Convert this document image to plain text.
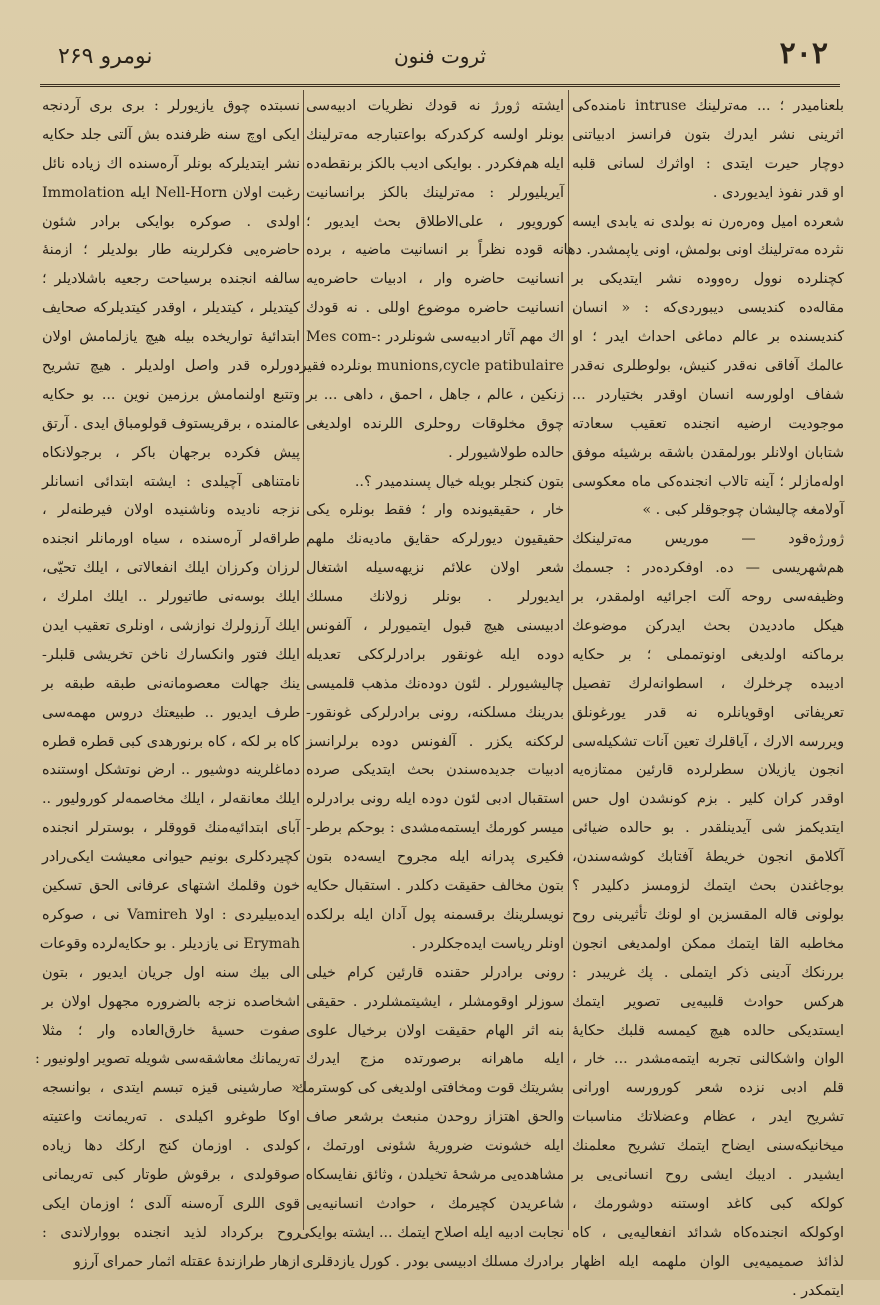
نومرو ۲۶۹	ثروت فنون	۲۰۲
بلعنامیدر ؛ ... مه‌ترلینك intruse نامنده‌كی
اثرینی نشر ایدرك بتون فرانسز ادبیاتنی
دوچار حیرت ایتدی : اواثرك لسانی قلبه
او قدر نفوذ ایدیوردی .
شعرده امیل وه‌ره‌رن نه بولدی نه یابدی ایسه
نثرده مه‌ترلینك اونی بولمش، اونی یاپمشدر. دها
کچنلرده نوول ره‌ووده نشر ایتدیكی بر
مقاله‌ده کندیسی دیبوردی‌که : « انسان
کندیسنده بر عالم دماغی احداث ایدر ؛ او
عالمك آفاقی نه‌قدر کنیش، بولوطلری نه‌قدر
شفاف اولورسه انسان اوقدر بختیاردر ...
موجودیت ارضیه انجنده تعقیب سعادته
شتابان اولانلر بورلمقدن باشقه برشیئه موفق
اوله‌مازلر ؛ آینه تالاب انجنده‌كی ماه معکوسی
آولامغه چالیشان چوجوقلر کبی . »
ژورژه‌قود — موریس مه‌ترلینکك
هم‌شهریسی — ده. اوفکرده‌در : جسمك
وظیفه‌سی روحه آلت اجرائیه اولمقدر، بر
هیکل ماددیدن بحث ایدرکن موضوعك
برماکنه اولدیغی اونوتمملی ؛ بر حکایه
ادیبده چرخلرك ، اسطوانه‌لرك تفصیل
تعریفاتی اوقویانلره نه قدر یورغونلق
ویررسه الارك ، آیاقلرك تعین آنات تشکیله‌سی
انجون یازیلان سطرلرده قارئین ممتازه‌یه
اوقدر کران کلیر . بزم کونشدن اول حس
ایتدیکمز شی آیدینلقدر . بو حالده ضیائی
آکلامق انجون خریطهٔ آفتابك کوشه‌سندن،
بوجاغندن بحث ایتمك لزومسز دکلیدر ؟
بولونی قاله المقسزین او لونك تأثیرینی روح
مخاطبه القا ایتمك ممکن اولمدیغی انجون
بررنکك آدینی ذکر ایتملی . پك غریبدر :
هرکس حوادث قلبیه‌یی تصویر ایتمك
ایستدیکی حالده هیچ کیمسه قلبك حکایهٔ
الوان واشکالنی تجربه ایتمه‌مشدر ... خار ،
قلم ادبی نزده شعر کورورسه اورانی
تشریح ایدر ، عظام وعضلاتك مناسبات
میخانیکه‌سنی ایضاح ایتمك تشریح معلمنك
ایشیدر . ادیبك ایشی روح انسانی‌یی بر
کولکه کبی کاغد اوستنه دوشورمك ،
اوکولکه انجنده‌کاه شدائد انفعالیه‌یی ، کاه
لذائذ صمیمیه‌یی الوان ملهمه ایله اظهار
ایتمکدر .
ایشته ژورژ نه قودك نظریات ادبیه‌سی
بونلر اولسه کرکدرکه بواعتبارجه مه‌ترلینك
ایله هم‌فکردر . بوایکی ادیب بالکز برنقطه‌ده
آیریلیورلر : مه‌ترلینك بالکز برانسانیت
کورویور ، علی‌الاطلاق بحث ایدیور ؛
نه قوده نظراً بر انسانیت ماضیه ، برده
انسانیت حاضره وار ، ادبیات حاضره‌یه
انسانیت حاضره موضوع اوللی . نه قودك
اك مهم آثار ادبیه‌سی شونلردر :-Mes com
munions,cycle patibulaire بونلرده فقیر،
زنکین ، عالم ، جاهل ، احمق ، داهی ... بر
چوق مخلوقات روحلری اللرنده اولدیغی
حالده طولاشیورلر .
بتون کنجلر بویله خیال پسندمیدر ؟..
خار ، حقیقیونده وار ؛ فقط بونلره یکی
حقیقیون دیورلرکه حقایق مادیه‌نك ملهم
شعر اولان علائم نزیهه‌سیله اشتغال
ایدیورلر . بونلر زولانك مسلك
ادبیسنی هیچ قبول ایتمیورلر ، آلفونس
دوده ایله غونقور برادرلرککی تعدیله
چالیشیورلر . لئون دوده‌نك مذهب قلمیسی
بدرینك مسلکنه، رونی برادرلرکی غونقور-
لرککنه یکزر . آلفونس دوده برلرانسز
ادبیات جدیده‌سندن بحث ایتدیکی صرده
استقبال ادبی لئون دوده ایله رونی برادرلره
میسر کورمك ایستمه‌مشدی : بوحکم برطر-
فکیری پدرانه ایله مجروح ایسه‌ده بتون
بتون مخالف حقیقت دکلدر . استقبال حکایه
نویسلرینك برقسمنه پول آدان ایله برلکده
اونلر ریاست ایده‌جکلردر .
رونی برادرلر حقنده قارئین کرام خیلی
سوزلر اوقومشلر ، ایشیتمشلردر . حقیقی
بنه اثر الهام حقیقت اولان برخیال علوی
ایله ماهرانه برصورتده مزج ایدرك
بشریتك قوت ومخافتی اولدیغی کی کوسترمك
والحق اهتزاز روحدن منبعث برشعر صاف
ایله خشونت ضروریهٔ شئونی اورتمك ،
مشاهده‌یی مرشحهٔ تخیلدن ، وثائق نفایسکاه
شاعریدن کچیرمك ، حوادث انسانیه‌یی
نجابت ادبیه ایله اصلاح ایتمك ... ایشته بوایکی
برادرك مسلك ادبیسی بودر . کورل یازدقلری
نسبتده چوق یازیورلر : بری بری آردنجه
ایکی اوچ سنه ظرفنده بش آلتی جلد حکایه
نشر ایتدیلرکه بونلر آرەسنده اك زیاده نائل
رغبت اولان Nell-Horn ایله Immolation
اولدی . صوکره بوایکی برادر شئون
حاضره‌یی فکرلرینه طار بولدیلر ؛ ازمنهٔ
سالفه انجنده برسیاحت رجعیه باشلادیلر ؛
کیتدیلر ، کیتدیلر ، اوقدر کیتدیلرکه صحایف
ابتدائیهٔ تواریخده بیله هیچ یازلمامش اولان
دورلره قدر واصل اولدیلر . هیچ تشریح
وتتبع اولنمامش برزمین نوین ... بو حکایه
عالمنده ، برقریستوف قولومباق ایدی . آرتق
پیش فکرده برجهان باکر ، برجولانکاه
نامتناهی آچیلدی : ایشته ابتدائی انسانلر
نزجه نادیده وناشنیده اولان فیرطنه‌لر ،
طراقه‌لر آرەسنده ، سیاه اورمانلر انجنده
لرزان وکرزان ایلك انفعالاتی ، ایلك تحیّی،
ایلك بوسەنی طاتیورلر .. ایلك املرك ،
ایلك آرزولرك نوازشی ، اونلری تعقیب ایدن
ایلك فتور وانکسارك ناخن تخریشی قلبلر-
ینك جهالت معصومانه‌نی طبقه طبقه بر
طرف ایدیور .. طبیعتك دروس مهمه‌سی
کاه بر لکه ، کاه برنورهدی کبی قطره قطره
دماغلرینه دوشیور .. ارض نوتشکل اوستنده
ایلك معانقه‌لر ، ایلك مخاصمه‌لر کورولیور ..
آبای ابتدائیه‌منك قووقلر ، بوستر‌لر انجنده
کچیردکلری بونیم حیوانی معیشت ایکی‌رادر
خون وقلمك اشتهای عرفانی الحق تسکین
ایده‌بیلیردی : اولا Vamireh نی ، صوکره
Erymah نی یازدیلر . بو حکایه‌لرده وقوعات
الی بیك سنه اول جریان ایدیور ، بتون
اشخاصده نزجه بالضروره مجهول اولان بر
صفوت حسیهٔ خارق‌العاده وار ؛ مثلا
ته‌ریمانك معاشقه‌سی شویله تصویر اولونیور :
« صارشینی قیزه تبسم ایتدی ، بوانسجه
اوکا طوغرو اکیلدی . ته‌ریمانت واعتیته
کولدی . اوزمان کنج ارکك دها زیاده
صوقولدی ، برقوش طوتار کبی ته‌ریمانی
قوی اللری آرەسنه آلدی ؛ اوزمان ایکی
روح برکرداد لذید انجنده بووارلاندی :
ازهار طرازندهٔ عقتله اثمار حمرای آرزو
